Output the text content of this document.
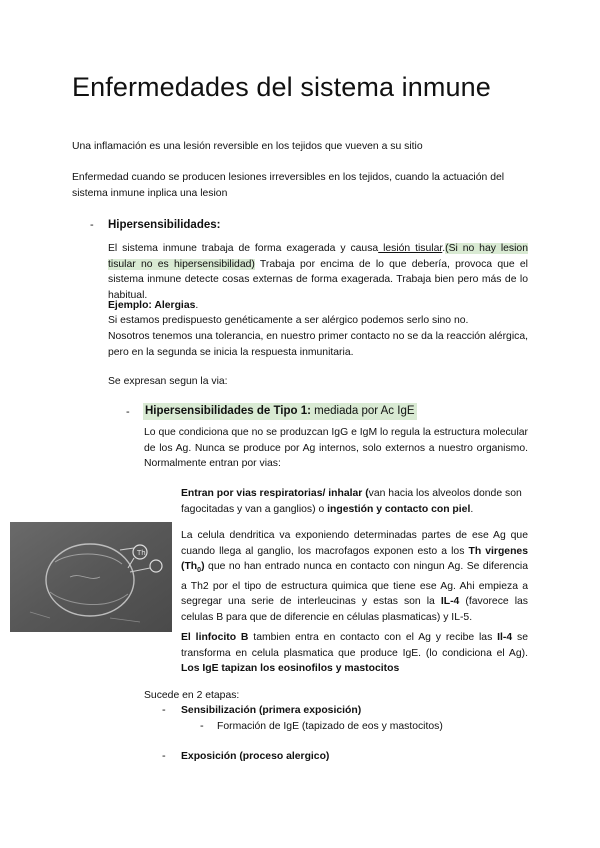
Enfermedades del sistema inmune
Una inflamación es una lesión reversible en los tejidos que vueven a su sitio
Enfermedad cuando se producen lesiones irreversibles en los tejidos, cuando la actuación del sistema inmune inplica una lesion
- Hipersensibilidades:
El sistema inmune trabaja de forma exagerada y causa lesión tisular.(Si no hay lesion tisular no es hipersensibilidad) Trabaja por encima de lo que debería, provoca que el sistema inmune detecte cosas externas de forma exagerada. Trabaja bien pero más de lo habitual.
Ejemplo: Alergias.
Si estamos predispuesto genéticamente a ser alérgico podemos serlo sino no.
Nosotros tenemos una tolerancia, en nuestro primer contacto no se da la reacción alérgica, pero en la segunda se inicia la respuesta inmunitaria.
Se expresan segun la via:
- Hipersensibilidades de Tipo 1: mediada por Ac IgE
Lo que condiciona que no se produzcan IgG e IgM lo regula la estructura molecular de los Ag. Nunca se produce por Ag internos, solo externos a nuestro organismo. Normalmente entran por vias:
Entran por vias respiratorias/ inhalar (van hacia los alveolos donde son fagocitadas y van a ganglios) o ingestión y contacto con piel.
Th
La celula dendritica va exponiendo determinadas partes de ese Ag que cuando llega al ganglio, los macrofagos exponen esto a los Th virgenes $(Th_0)$ que no han entrado nunca en contacto con ningun Ag. Se diferencia a Th2 por el tipo de estructura quimica que tiene ese Ag. Ahi empieza a segregar una serie de interleucinas y estas son la IL-4 (favorece las celulas B para que de diferencie en células plasmaticas) y IL-5.
El linfocito B tambien entra en contacto con el Ag y recibe las Il-4 se transforma en celula plasmatica que produce IgE. (lo condiciona el Ag). Los IgE tapizan los eosinofilos y mastocitos
Sucede en 2 etapas:
- Sensibilización (primera exposición)
- Formación de IgE (tapizado de eos y mastocitos)
- Exposición (proceso alergico)
